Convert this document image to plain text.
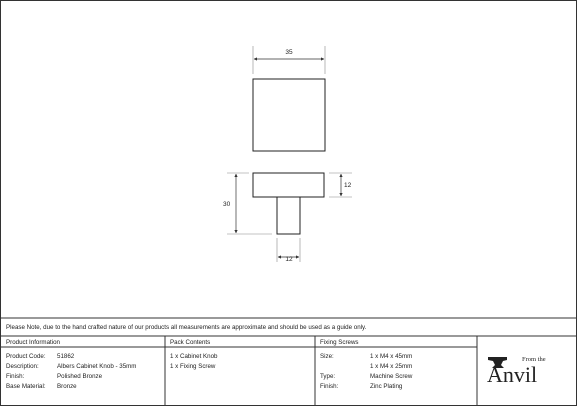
35
12
30
12
Please Note, due to the hand crafted nature of our products all measurements are approximate and should be used as a guide only.
Product Information	Pack Contents	Fixing Screws
Product Code: 51862
Description:	Albers Cabinet Knob - 35mm
Finish:	Polished Bronze
Base Material: Bronze
1 x Cabinet Knob
1 x Fixing Screw
Size:	1 x M4 x 45mm
1 x M4 x 25mm
Type:	Machine Screw
Finish:	Zinc Plating
From the
Anvil
